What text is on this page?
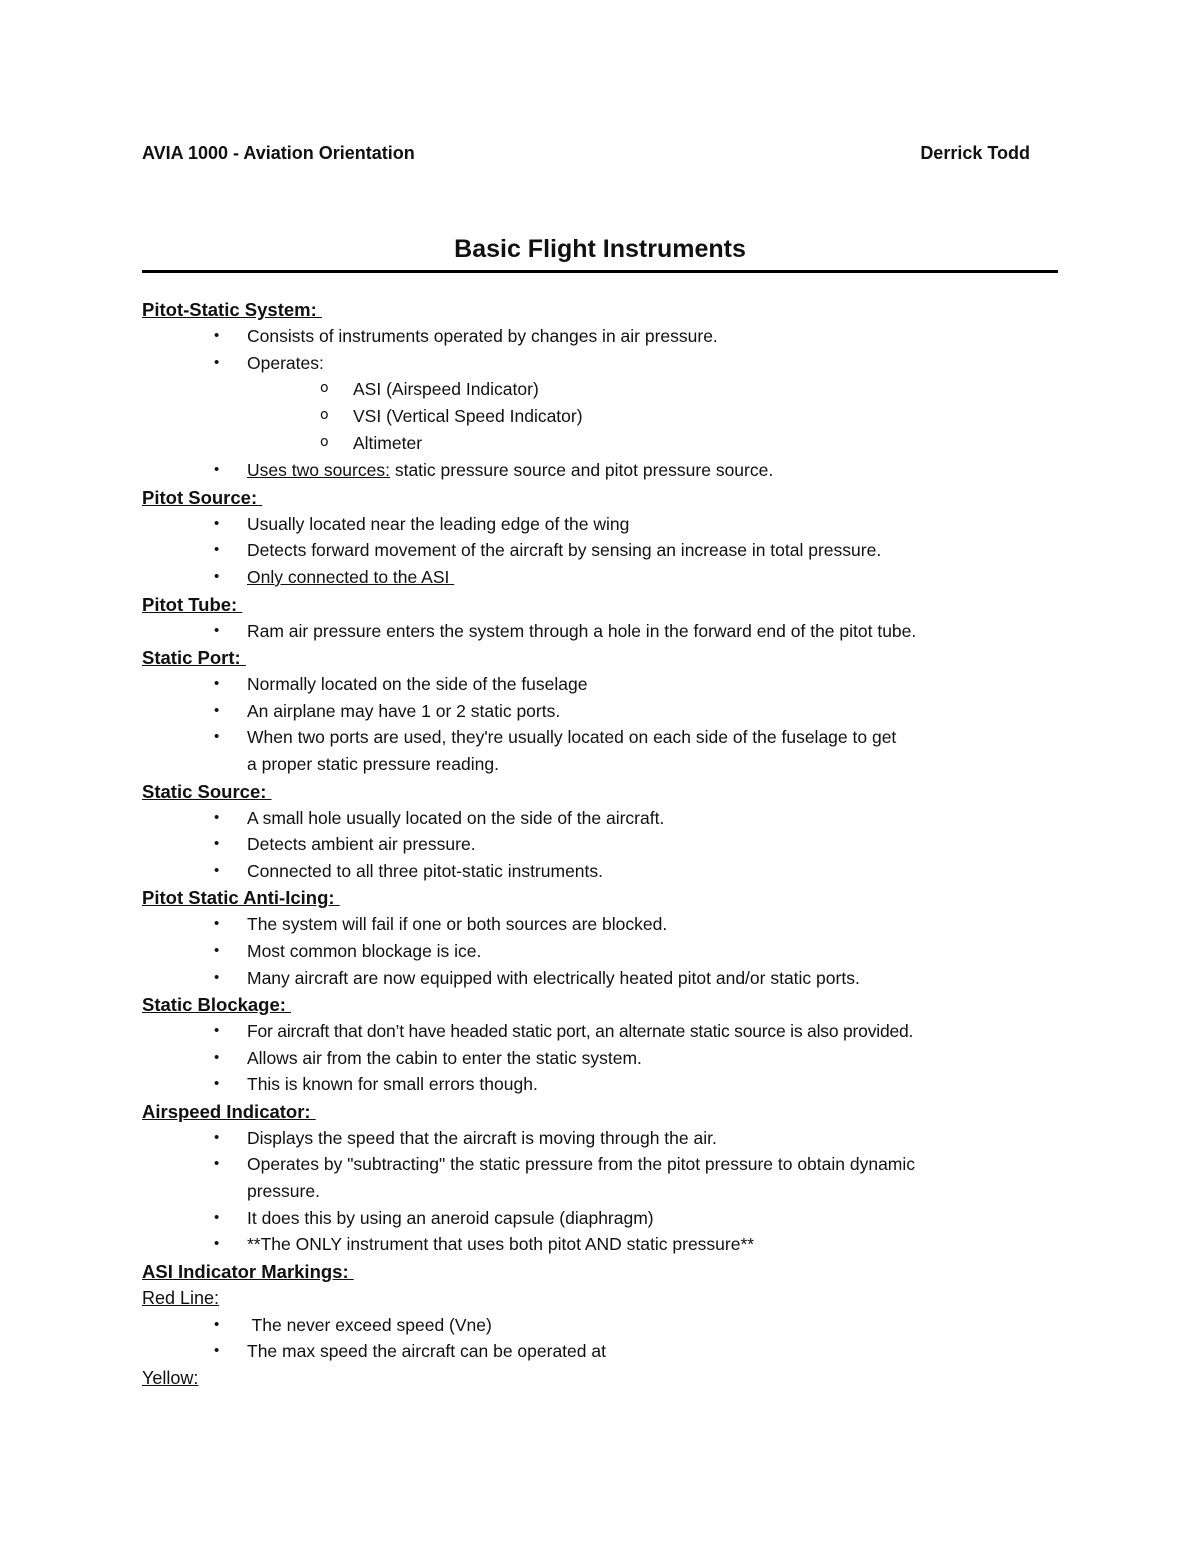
AVIA 1000 - Aviation Orientation	Derrick Todd
Basic Flight Instruments
Pitot-Static System:
• Consists of instruments operated by changes in air pressure.
• Operates:
o ASI (Airspeed Indicator)
o VSI (Vertical Speed Indicator)
o Altimeter
• Uses two sources: static pressure source and pitot pressure source.
Pitot Source:
• Usually located near the leading edge of the wing
• Detects forward movement of the aircraft by sensing an increase in total pressure.
• Only connected to the ASI
Pitot Tube:
• Ram air pressure enters the system through a hole in the forward end of the pitot tube.
Static Port:
• Normally located on the side of the fuselage
• An airplane may have 1 or 2 static ports.
• When two ports are used, they're usually located on each side of the fuselage to get a proper static pressure reading.
Static Source:
• A small hole usually located on the side of the aircraft.
• Detects ambient air pressure.
• Connected to all three pitot-static instruments.
Pitot Static Anti-Icing:
• The system will fail if one or both sources are blocked.
• Most common blockage is ice.
• Many aircraft are now equipped with electrically heated pitot and/or static ports.
Static Blockage:
• For aircraft that don’t have headed static port, an alternate static source is also provided.
• Allows air from the cabin to enter the static system.
• This is known for small errors though.
Airspeed Indicator:
• Displays the speed that the aircraft is moving through the air.
• Operates by "subtracting" the static pressure from the pitot pressure to obtain dynamic pressure.
• It does this by using an aneroid capsule (diaphragm)
• **The ONLY instrument that uses both pitot AND static pressure**
ASI Indicator Markings:
Red Line:
• The never exceed speed (Vne)
• The max speed the aircraft can be operated at
Yellow:
